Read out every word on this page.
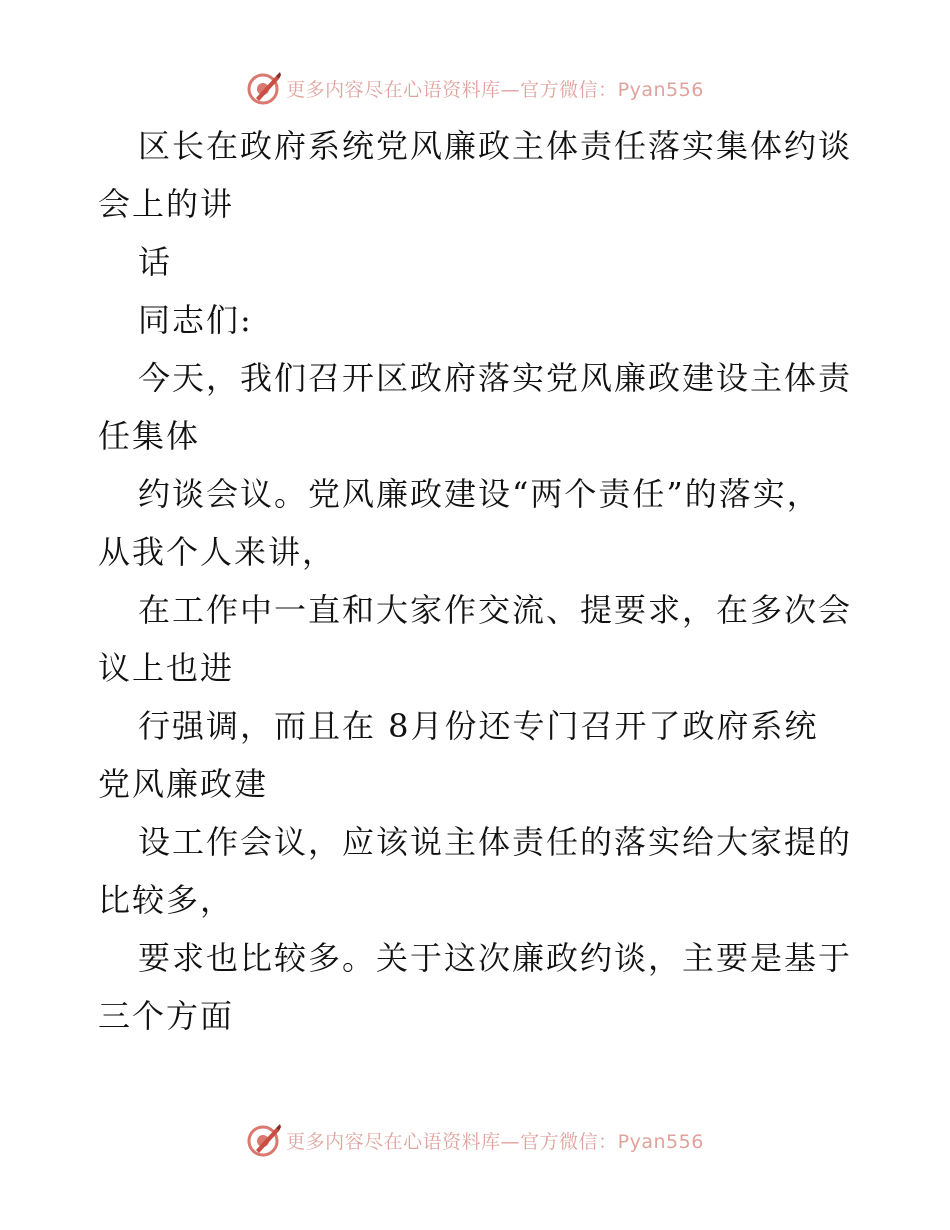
更多内容尽在心语资料库—官方微信：Pyan556
区长在政府系统党风廉政主体责任落实集体约谈
会上的讲
话
同志们:
今天，我们召开区政府落实党风廉政建设主体责
任集体
约谈会议。党风廉政建设“两个责任”的落实，
从我个人来讲，
在工作中一直和大家作交流、提要求，在多次会
议上也进
行强调，而且在 8月份还专门召开了政府系统
党风廉政建
设工作会议，应该说主体责任的落实给大家提的
比较多，
要求也比较多。关于这次廉政约谈，主要是基于
三个方面
更多内容尽在心语资料库—官方微信：Pyan556
